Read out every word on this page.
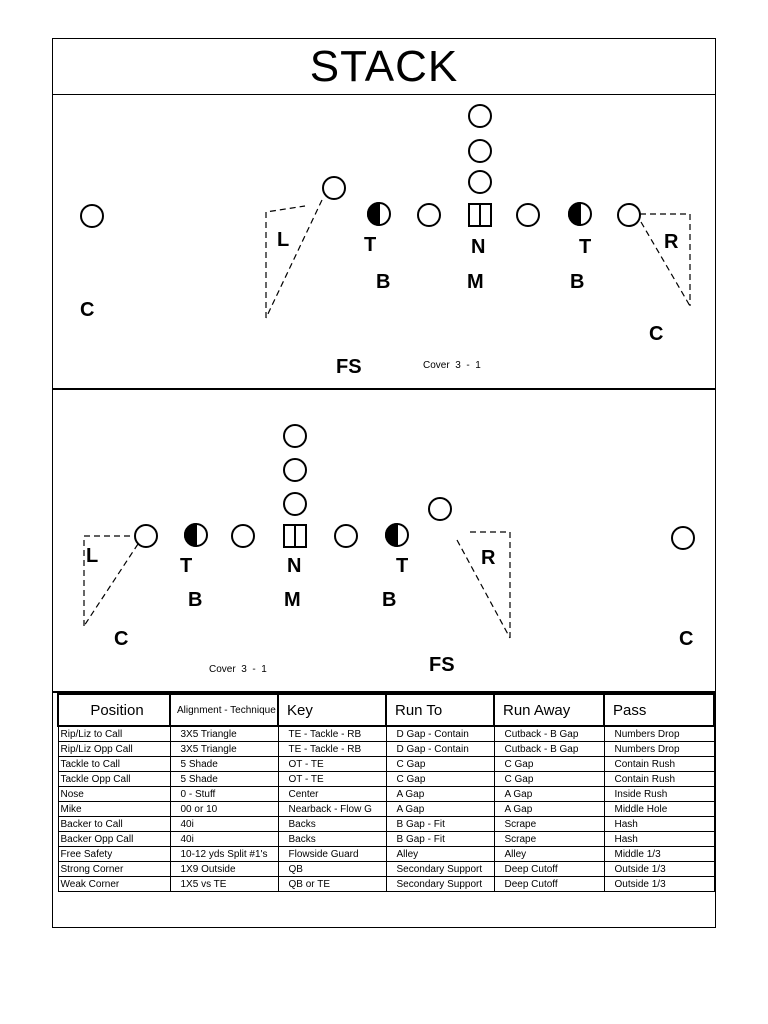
STACK
C
L	T
B
N
M
T
B
R
C
FS	Cover  3  -  1
L
C
T
B
N
M
T
B
R
C
FS
Cover  3  -  1
Position	Alignment - Technique	Key	Run To	Run Away	Pass
Rip/Liz to Call	3X5 Triangle	TE - Tackle - RB	D Gap - Contain	Cutback - B Gap	Numbers Drop
Rip/Liz Opp Call	3X5 Triangle	TE - Tackle - RB	D Gap - Contain	Cutback - B Gap	Numbers Drop
Tackle to Call	5 Shade	OT - TE	C Gap	C Gap	Contain Rush
Tackle Opp Call	5 Shade	OT - TE	C Gap	C Gap	Contain Rush
Nose	0 - Stuff	Center	A Gap	A Gap	Inside Rush
Mike	00 or 10	Nearback - Flow G	A Gap	A Gap	Middle Hole
Backer to Call	40i	Backs	B Gap - Fit	Scrape	Hash
Backer Opp Call	40i	Backs	B Gap - Fit	Scrape	Hash
Free Safety	10-12 yds Split #1's	Flowside Guard	Alley	Alley	Middle 1/3
Strong Corner	1X9 Outside	QB	Secondary Support	Deep Cutoff	Outside 1/3
Weak Corner	1X5 vs TE	QB or TE	Secondary Support	Deep Cutoff	Outside 1/3
